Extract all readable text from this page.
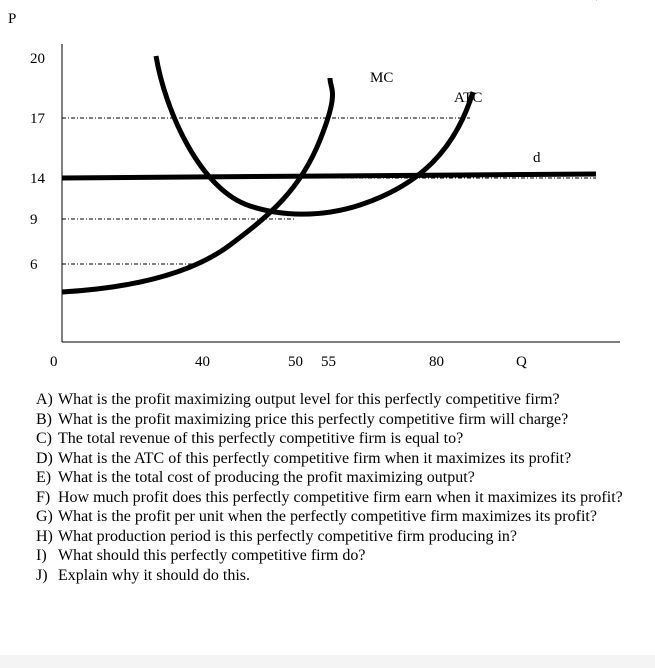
P
Q
0
MC
ATC
d
20
17
14
9
6
40	50 55	80
A) What is the profit maximizing output level for this perfectly competitive firm?
B) What is the profit maximizing price this perfectly competitive firm will charge?
C) The total revenue of this perfectly competitive firm is equal to?
D) What is the ATC of this perfectly competitive firm when it maximizes its profit?
E) What is the total cost of producing the profit maximizing output?
F) How much profit does this perfectly competitive firm earn when it maximizes its profit?
G) What is the profit per unit when the perfectly competitive firm maximizes its profit?
H) What production period is this perfectly competitive firm producing in?
I) What should this perfectly competitive firm do?
J) Explain why it should do this.
